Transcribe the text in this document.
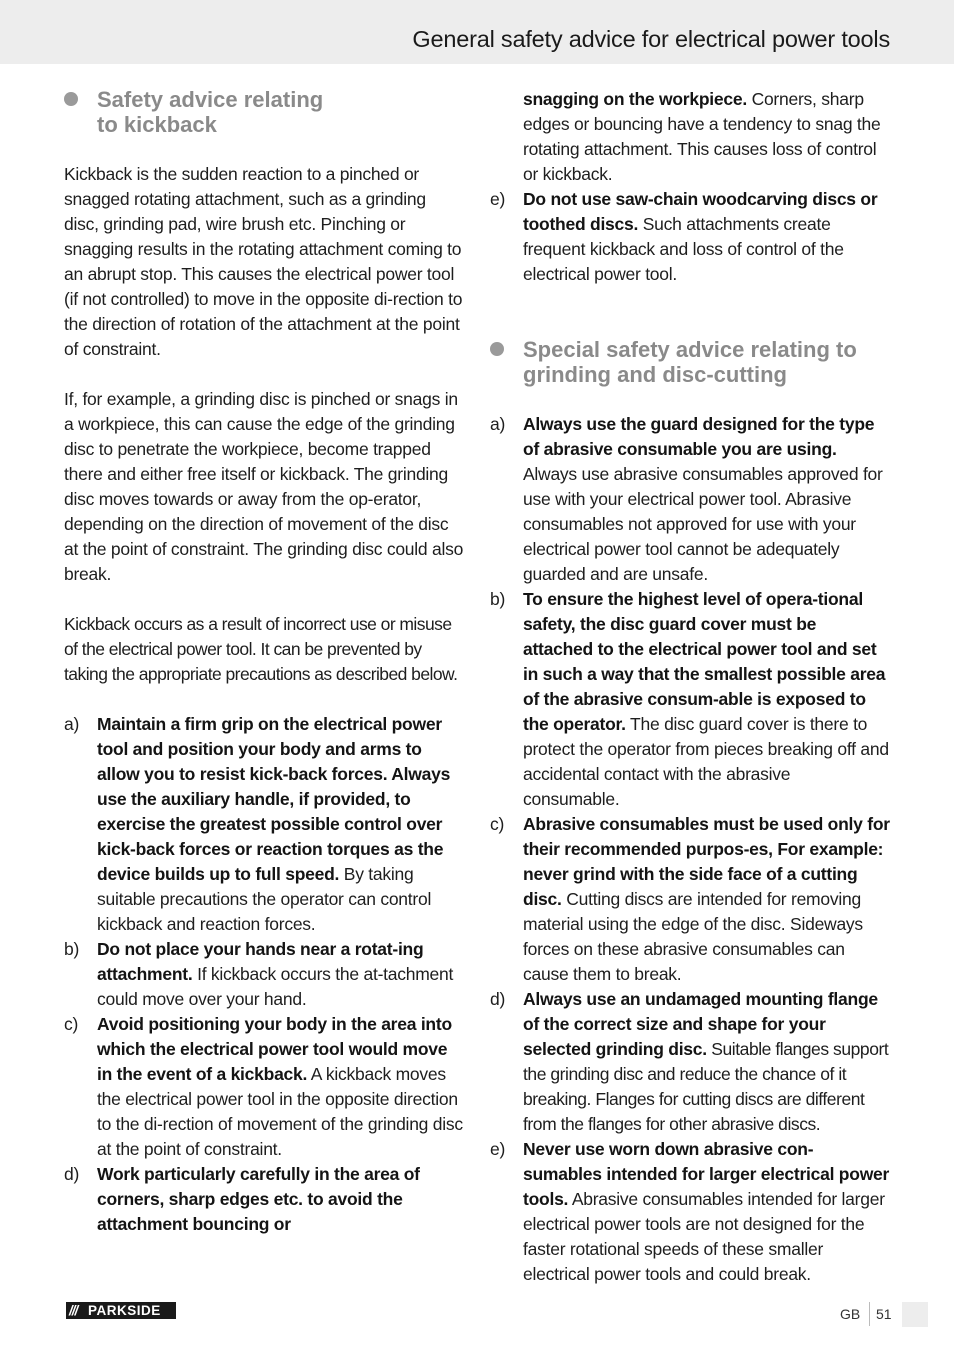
General safety advice for electrical power tools
Safety advice relating to kickback
Kickback is the sudden reaction to a pinched or snagged rotating attachment, such as a grinding disc, grinding pad, wire brush etc. Pinching or snagging results in the rotating attachment coming to an abrupt stop. This causes the electrical power tool (if not controlled) to move in the opposite di-rection to the direction of rotation of the attachment at the point of constraint.
If, for example, a grinding disc is pinched or snags in a workpiece, this can cause the edge of the grinding disc to penetrate the workpiece, become trapped there and either free itself or kickback. The grinding disc moves towards or away from the op-erator, depending on the direction of movement of the disc at the point of constraint. The grinding disc could also break.
Kickback occurs as a result of incorrect use or misuse of the electrical power tool. It can be prevented by taking the appropriate precautions as described below.
a) Maintain a firm grip on the electrical power tool and position your body and arms to allow you to resist kick-back forces. Always use the auxiliary handle, if provided, to exercise the greatest possible control over kick-back forces or reaction torques as the device builds up to full speed. By taking suitable precautions the operator can control kickback and reaction forces.
b) Do not place your hands near a rotat-ing attachment. If kickback occurs the at-tachment could move over your hand.
c) Avoid positioning your body in the area into which the electrical power tool would move in the event of a kickback. A kickback moves the electrical power tool in the opposite direction to the di-rection of movement of the grinding disc at the point of constraint.
d) Work particularly carefully in the area of corners, sharp edges etc. to avoid the attachment bouncing or
snagging on the workpiece. Corners, sharp edges or bouncing have a tendency to snag the rotating attachment. This causes loss of control or kickback.
e) Do not use saw-chain woodcarving discs or toothed discs. Such attachments create frequent kickback and loss of control of the electrical power tool.
Special safety advice relating to grinding and disc-cutting
a) Always use the guard designed for the type of abrasive consumable you are using. Always use abrasive consumables approved for use with your electrical power tool. Abrasive consumables not approved for use with your electrical power tool cannot be adequately guarded and are unsafe.
b) To ensure the highest level of opera-tional safety, the disc guard cover must be attached to the electrical power tool and set in such a way that the smallest possible area of the abrasive consum-able is exposed to the operator. The disc guard cover is there to protect the operator from pieces breaking off and accidental contact with the abrasive consumable.
c) Abrasive consumables must be used only for their recommended purpos-es, For example: never grind with the side face of a cutting disc. Cutting discs are intended for removing material using the edge of the disc. Sideways forces on these abrasive consumables can cause them to break.
d) Always use an undamaged mounting flange of the correct size and shape for your selected grinding disc. Suitable flanges support the grinding disc and reduce the chance of it breaking. Flanges for cutting discs are different from the flanges for other abrasive discs.
e) Never use worn down abrasive con-sumables intended for larger electrical power tools. Abrasive consumables intended for larger electrical power tools are not designed for the faster rotational speeds of these smaller electrical power tools and could break.
/// PARKSIDE	GB 51
